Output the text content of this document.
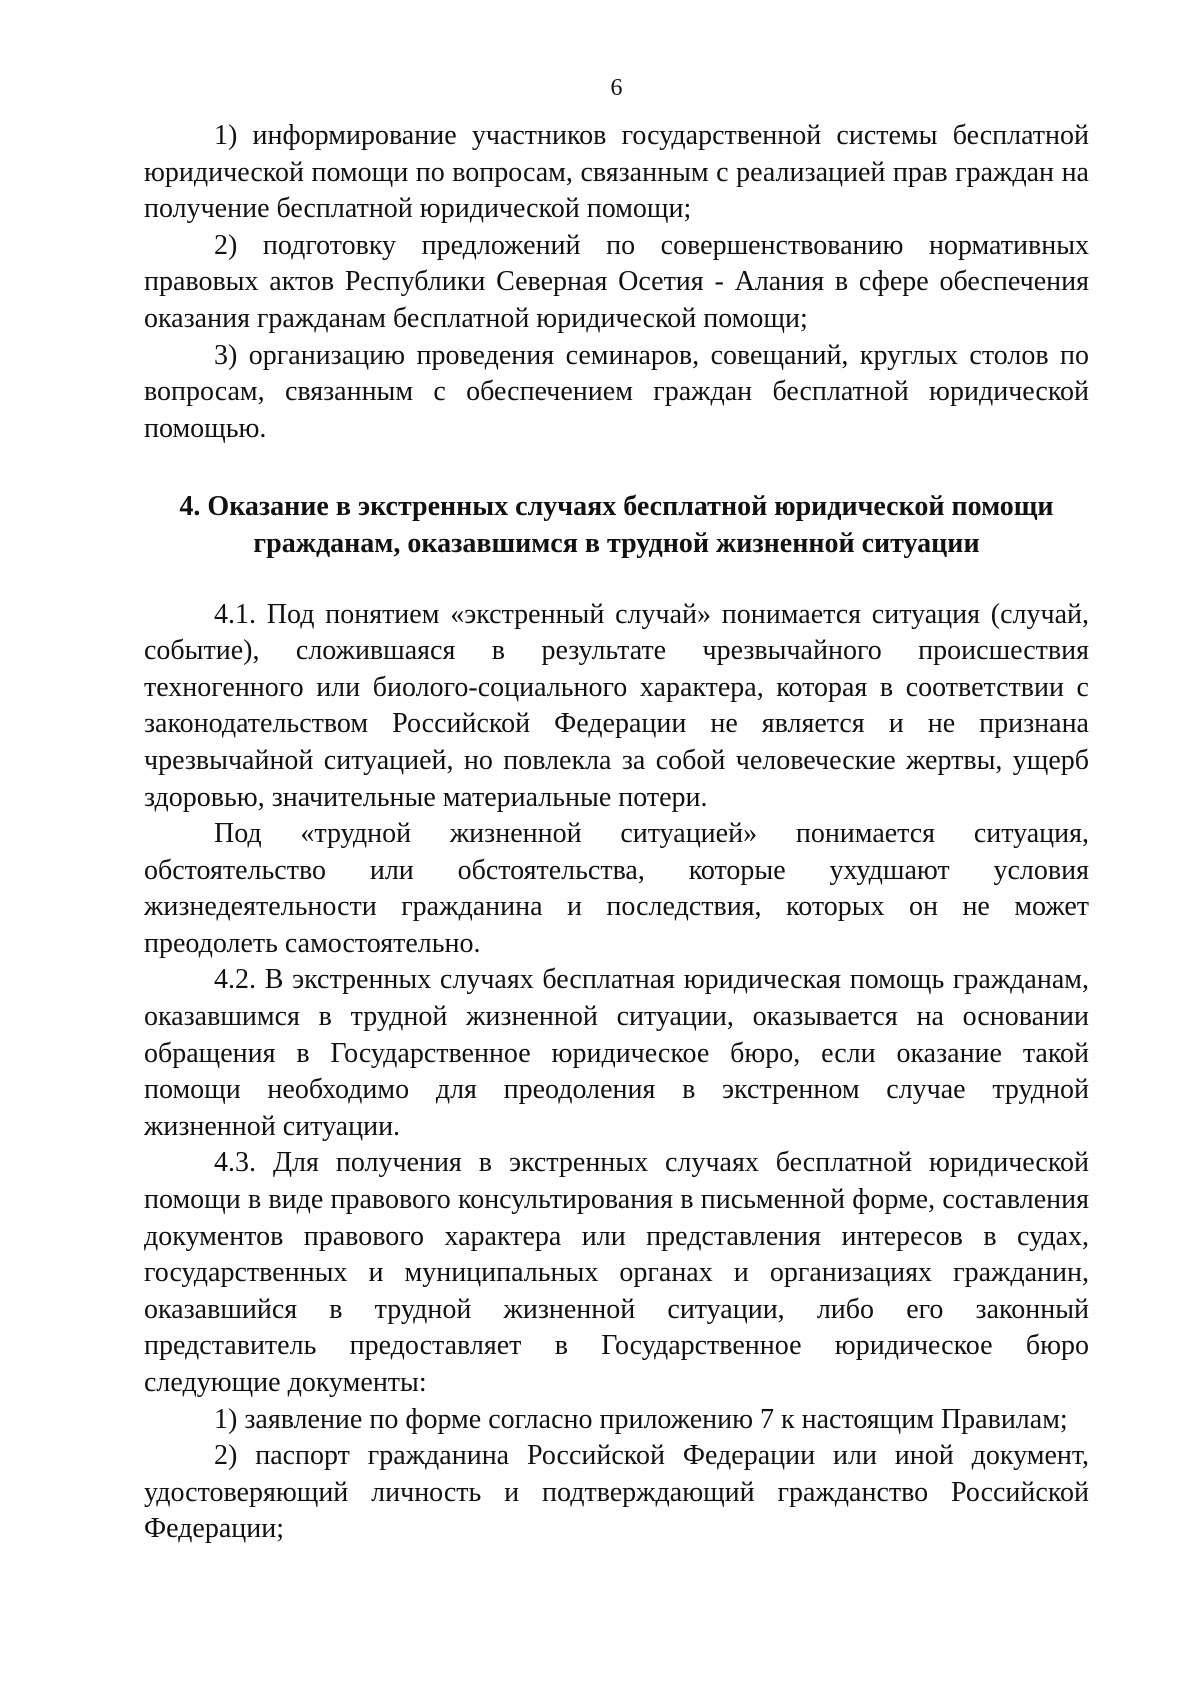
6

1) информирование участников государственной системы бесплатной юридической помощи по вопросам, связанным с реализацией прав граждан на получение бесплатной юридической помощи;

2) подготовку предложений по совершенствованию нормативных правовых актов Республики Северная Осетия - Алания в сфере обеспечения оказания гражданам бесплатной юридической помощи;

3) организацию проведения семинаров, совещаний, круглых столов по вопросам, связанным с обеспечением граждан бесплатной юридической помощью.

4. Оказание в экстренных случаях бесплатной юридической помощи гражданам, оказавшимся в трудной жизненной ситуации

4.1. Под понятием «экстренный случай» понимается ситуация (случай, событие), сложившаяся в результате чрезвычайного происшествия техногенного или биолого-социального характера, которая в соответствии с законодательством Российской Федерации не является и не признана чрезвычайной ситуацией, но повлекла за собой человеческие жертвы, ущерб здоровью, значительные материальные потери.

Под «трудной жизненной ситуацией» понимается ситуация, обстоятельство или обстоятельства, которые ухудшают условия жизнедеятельности гражданина и последствия, которых он не может преодолеть самостоятельно.

4.2. В экстренных случаях бесплатная юридическая помощь гражданам, оказавшимся в трудной жизненной ситуации, оказывается на основании обращения в Государственное юридическое бюро, если оказание такой помощи необходимо для преодоления в экстренном случае трудной жизненной ситуации.

4.3. Для получения в экстренных случаях бесплатной юридической помощи в виде правового консультирования в письменной форме, составления документов правового характера или представления интересов в судах, государственных и муниципальных органах и организациях гражданин, оказавшийся в трудной жизненной ситуации, либо его законный представитель предоставляет в Государственное юридическое бюро следующие документы:

1) заявление по форме согласно приложению 7 к настоящим Правилам;

2) паспорт гражданина Российской Федерации или иной документ, удостоверяющий личность и подтверждающий гражданство Российской Федерации;
